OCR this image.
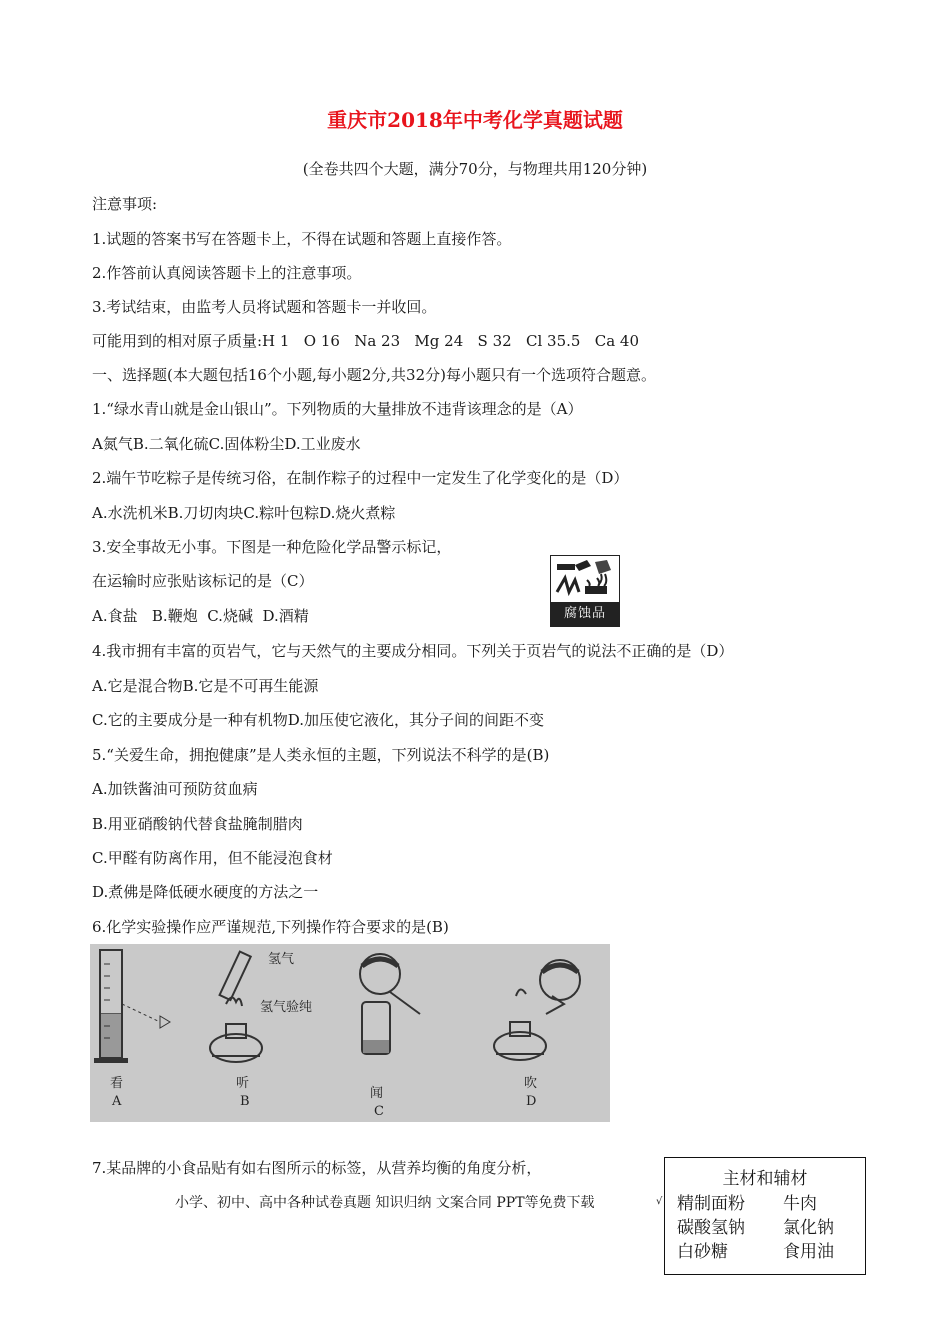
重庆市2018年中考化学真题试题
(全卷共四个大题，满分70分，与物理共用120分钟)
注意事项:
1.试题的答案书写在答题卡上，不得在试题和答题上直接作答。
2.作答前认真阅读答题卡上的注意事项。
3.考试结束，由监考人员将试题和答题卡一并收回。
可能用到的相对原子质量:H 1   O 16   Na 23   Mg 24   S 32   Cl 35.5   Ca 40
一、选择题(本大题包括16个小题,每小题2分,共32分)每小题只有一个选项符合题意。
1.“绿水青山就是金山银山”。下列物质的大量排放不违背该理念的是（A）
A氮气B.二氧化硫C.固体粉尘D.工业废水
2.端午节吃粽子是传统习俗，在制作粽子的过程中一定发生了化学变化的是（D）
A.水洗机米B.刀切肉块C.粽叶包粽D.烧火煮粽
3.安全事故无小事。下图是一种危险化学品警示标记，
在运输时应张贴该标记的是（C）
A.食盐   B.鞭炮  C.烧碱  D.酒精	腐蚀品
4.我市拥有丰富的页岩气，它与天然气的主要成分相同。下列关于页岩气的说法不正确的是（D）
A.它是混合物B.它是不可再生能源
C.它的主要成分是一种有机物D.加压使它液化，其分子间的间距不变
5.“关爱生命，拥抱健康”是人类永恒的主题，下列说法不科学的是(B)
A.加铁酱油可预防贫血病
B.用亚硝酸钠代替食盐腌制腊肉
C.甲醛有防离作用，但不能浸泡食材
D.煮佛是降低硬水硬度的方法之一
6.化学实验操作应严谨规范,下列操作符合要求的是(B)
氢气
氢气验纯
看
A
听
B
闻
C
吹
D
7.某品牌的小食品贴有如右图所示的标签，从营养均衡的角度分析，
小学、初中、高中各种试卷真题 知识归纳 文案合同 PPT等免费下载	√
主材和辅材
精制面粉 牛肉
碳酸氢钠 氯化钠
白砂糖	食用油
